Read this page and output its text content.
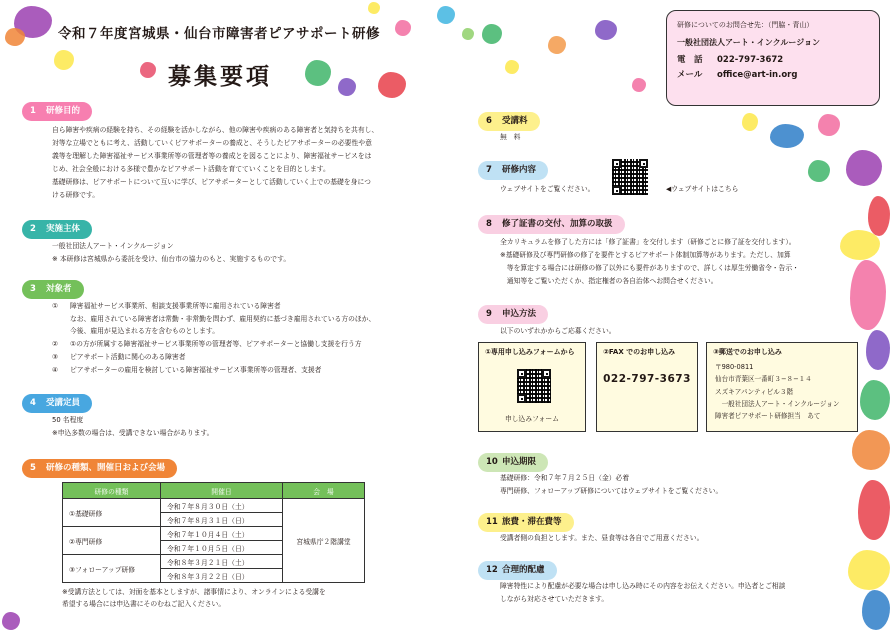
令和７年度宮城県・仙台市障害者ピアサポート研修
募集要項
1 研修目的
自ら障害や疾病の経験を持ち、その経験を活かしながら、他の障害や疾病のある障害者と気持ちを共有し、
対等な立場でともに考え、活動していくピアサポーターの養成と、そうしたピアサポーターの必要性や意
義等を理解した障害福祉サービス事業所等の管理者等の養成とを図ることにより、障害福祉サービスをは
じめ、社会全般における多様で豊かなピアサポート活動を育てていくことを目的とします。
基礎研修は、ピアサポートについて互いに学び、ピアサポーターとして活動していく上での基礎を身につ
ける研修です。
2 実施主体
一般社団法人アート・インクルージョン
※ 本研修は宮城県から委託を受け、仙台市の協力のもと、実施するものです。
3 対象者
①	障害福祉サービス事業所、相談支援事業所等に雇用されている障害者
なお、雇用されている障害者は常勤・非常勤を問わず、雇用契約に基づき雇用されている方のほか、
今後、雇用が見込まれる方を含むものとします。
②	①の方が所属する障害福祉サービス事業所等の管理者等、ピアサポーターと協働し支援を行う方
③	ピアサポート活動に関心のある障害者
④	ピアサポーターの雇用を検討している障害福祉サービス事業所等の管理者、支援者
4 受講定員
50 名程度
※申込多数の場合は、受講できない場合があります。
5 研修の種類、開催日および会場
研修の種類	開催日	会　場
①基礎研修	令和７年８月３０日（土）	宮城県庁２階講堂
	令和７年８月３１日（日）	
②専門研修	令和７年１０月４日（土）	
	令和７年１０月５日（日）	
③フォローアップ研修	令和８年３月２１日（土）	
	令和８年３月２２日（日）	
※受講方法としては、対面を基本としますが、諸事情により、オンラインによる受講を
希望する場合には申込書にそのむねご記入ください。
研修についてのお問合せ先：（門脇・青山）
一般社団法人アート・インクルージョン
電　話 022-797-3672
メール office@art-in.org
6 受講料
無　料
7 研修内容
ウェブサイトをご覧ください。	◀ウェブサイトはこちら
8 修了証書の交付、加算の取扱
全カリキュラムを修了した方には「修了証書」を交付します（研修ごとに修了証を交付します）。
※基礎研修及び専門研修の修了を要件とするピアサポート体制加算等があります。ただし、加算
　等を算定する場合には研修の修了以外にも要件がありますので、詳しくは厚生労働省令・告示・
　通知等をご覧いただくか、指定権者の各自治体へお問合せください。
9 申込方法
以下のいずれかからご応募ください。
①専用申し込みフォームから
申し込みフォーム
②FAX でのお申し込み
022-797-3673
③郵送でのお申し込み
〒980-0811
仙台市青葉区一番町３−８−１４
スズキアパンティビル３階
　一般社団法人アート・インクルージョン
障害者ピアサポート研修担当　あて
10 申込期限
基礎研修：令和７年７月２５日（金）必着
専門研修、フォローアップ研修についてはウェブサイトをご覧ください。
11 旅費・滞在費等
受講者側の負担とします。また、昼食等は各自でご用意ください。
12 合理的配慮
障害特性により配慮が必要な場合は申し込み時にその内容をお伝えください。申込者とご相談
しながら対応させていただきます。
